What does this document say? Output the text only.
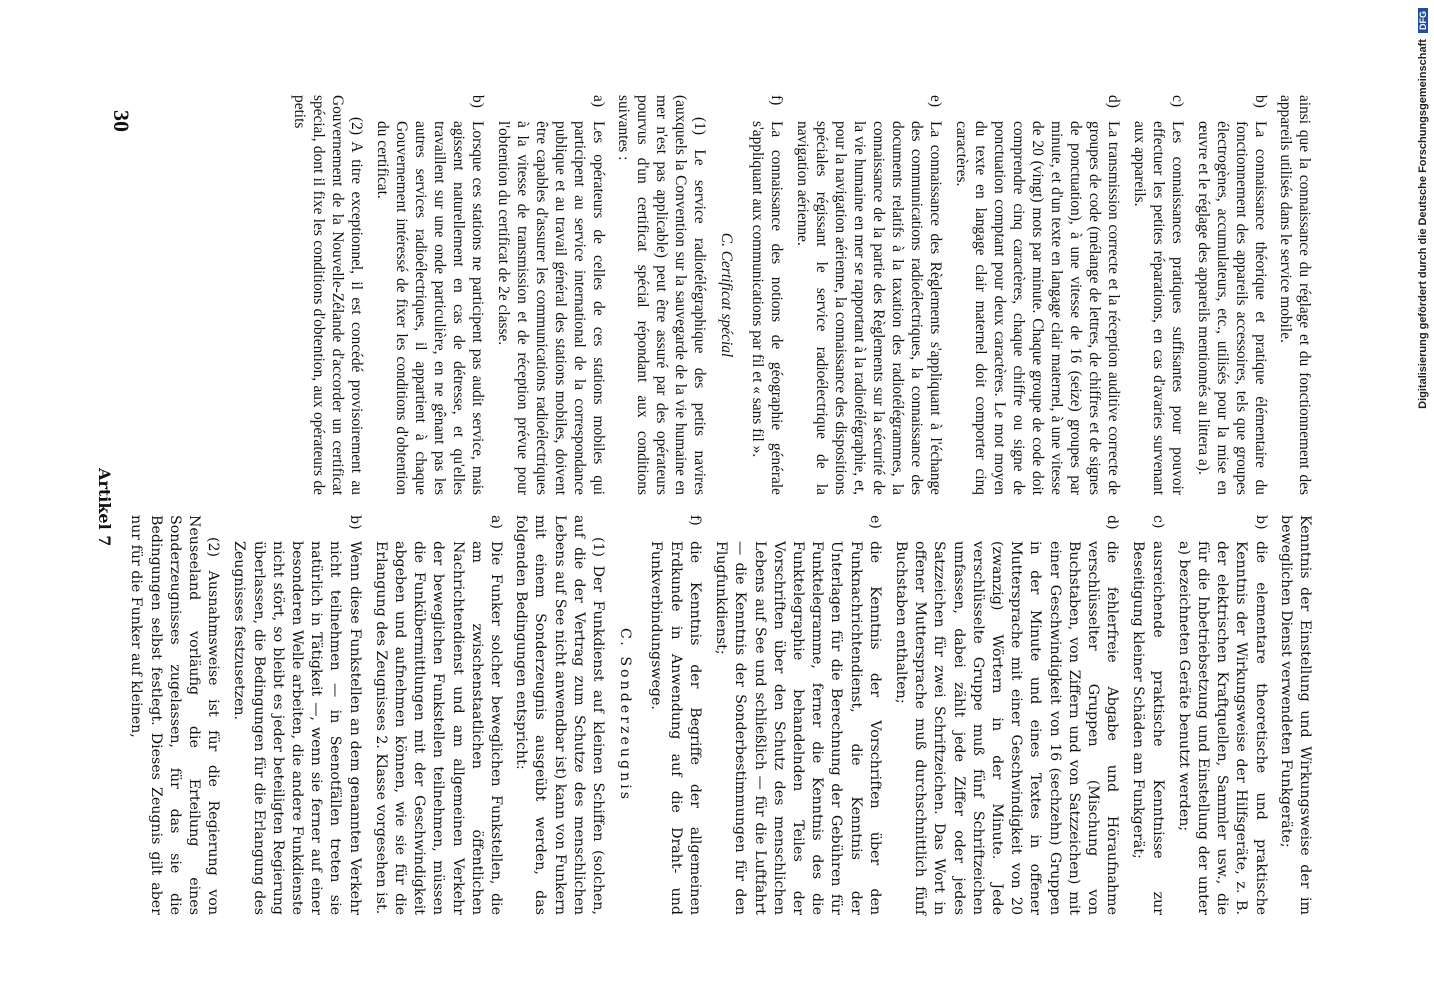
30
Artikel 7

ainsi que la connaissance du réglage et du fonctionnement des appareils utilisés dans le service mobile.

b)
La connaissance théorique et pratique élémentaire du fonctionnement des appareils accessoires, tels que groupes électrogènes, accumulateurs, etc., utilisés pour la mise en œuvre et le réglage des appareils mentionnés au littera a).
c)
Les connaissances pratiques suffisantes pour pouvoir effectuer les petites réparations, en cas d'avaries survenant aux appareils.
d)
La transmission correcte et la réception auditive correcte de groupes de code (mélange de lettres, de chiffres et de signes de ponctuation), à une vitesse de 16 (seize) groupes par minute, et d'un texte en langage clair maternel, à une vitesse de 20 (vingt) mots par minute. Chaque groupe de code doit comprendre cinq caractères, chaque chiffre ou signe de ponctuation comptant pour deux caractères. Le mot moyen du texte en langage clair maternel doit comporter cinq caractères.
e)
La connaissance des Règlements s'appliquant à l'échange des communications radioélectriques, la connaissance des documents relatifs à la taxation des radiotélégrammes, la connaissance de la partie des Règlements sur la sécurité de la vie humaine en mer se rapportant à la radiotélégraphie, et, pour la navigation aérienne, la connaissance des dispositions spéciales régissant le service radioélectrique de la navigation aérienne.
f)
La connaissance des notions de géographie générale s'appliquant aux communications par fil et « sans fil ».
C. Certificat spécial

(1) Le service radiotélégraphique des petits navires (auxquels la Convention sur la sauvegarde de la vie humaine en mer n'est pas applicable) peut être assuré par des opérateurs pourvus d'un certificat spécial répondant aux conditions suivantes :

a)
Les opérateurs de celles de ces stations mobiles qui participent au service international de la correspondance publique et au travail général des stations mobiles, doivent être capables d'assurer les communications radioélectriques à la vitesse de transmission et de réception prévue pour l'obtention du certificat de 2e classe.
b)
Lorsque ces stations ne participent pas audit service, mais agissent naturellement en cas de détresse, et qu'elles travaillent sur une onde particulière, en ne gênant pas les autres services radioélectriques, il appartient à chaque Gouvernement intéressé de fixer les conditions d'obtention du certificat.

(2) A titre exceptionnel, il est concédé provisoirement au Gouvernement de la Nouvelle-Zélande d'accorder un certificat spécial, dont il fixe les conditions d'obtention, aux opérateurs de petits

Kenntnis der Einstellung und Wirkungsweise der im beweglichen Dienst verwendeten Funkgeräte;

b)
die elementare theoretische und praktische Kenntnis der Wirkungsweise der Hilfsgeräte, z. B. der elektrischen Kraftquellen, Sammler usw., die für die Inbetriebsetzung und Einstellung der unter a) bezeichneten Geräte benutzt werden;
c)
ausreichende praktische Kenntnisse zur Beseitigung kleiner Schäden am Funkgerät;
d)
die fehlerfreie Abgabe und Höraufnahme verschlüsselter Gruppen (Mischung von Buchstaben, von Ziffern und von Satzzeichen) mit einer Geschwindigkeit von 16 (sechzehn) Gruppen in der Minute und eines Textes in offener Muttersprache mit einer Geschwindigkeit von 20 (zwanzig) Wörtern in der Minute. Jede verschlüsselte Gruppe muß fünf Schriftzeichen umfassen, dabei zählt jede Ziffer oder jedes Satzzeichen für zwei Schriftzeichen. Das Wort in offener Muttersprache muß durchschnittlich fünf Buchstaben enthalten;
e)
die Kenntnis der Vorschriften über den Funknachrichtendienst, die Kenntnis der Unterlagen für die Berechnung der Gebühren für Funktelegramme, ferner die Kenntnis des die Funktelegraphie behandelnden Teiles der Vorschriften über den Schutz des menschlichen Lebens auf See und schließlich — für die Luftfahrt — die Kenntnis der Sonderbestimmungen für den Flugfunkdienst;
f)
die Kenntnis der Begriffe der allgemeinen Erdkunde in Anwendung auf die Draht- und Funkverbindungswege.
C. Sonderzeugnis

(1) Der Funkdienst auf kleinen Schiffen (solchen, auf die der Vertrag zum Schutze des menschlichen Lebens auf See nicht anwendbar ist) kann von Funkern mit einem Sonderzeugnis ausgeübt werden, das folgenden Bedingungen entspricht:

a)
Die Funker solcher beweglichen Funkstellen, die am zwischenstaatlichen öffentlichen Nachrichtendienst und am allgemeinen Verkehr der beweglichen Funkstellen teilnehmen, müssen die Funkübermittlungen mit der Geschwindigkeit abgeben und aufnehmen können, wie sie für die Erlangung des Zeugnisses 2. Klasse vorgesehen ist.
b)
Wenn diese Funkstellen an dem genannten Verkehr nicht teilnehmen — in Seenotfällen treten sie natürlich in Tätigkeit —, wenn sie ferner auf einer besonderen Welle arbeiten, die andere Funkdienste nicht stört, so bleibt es jeder beteiligten Regierung überlassen, die Bedingungen für die Erlangung des Zeugnisses festzusetzen.

(2) Ausnahmsweise ist für die Regierung von Neuseeland vorläufig die Erteilung eines Sonderzeugnisses zugelassen, für das sie die Bedingungen selbst festlegt. Dieses Zeugnis gilt aber nur für die Funker auf kleinen,

Digitalisierung gefördert durch die Deutsche Forschungsgemeinschaft DFG
